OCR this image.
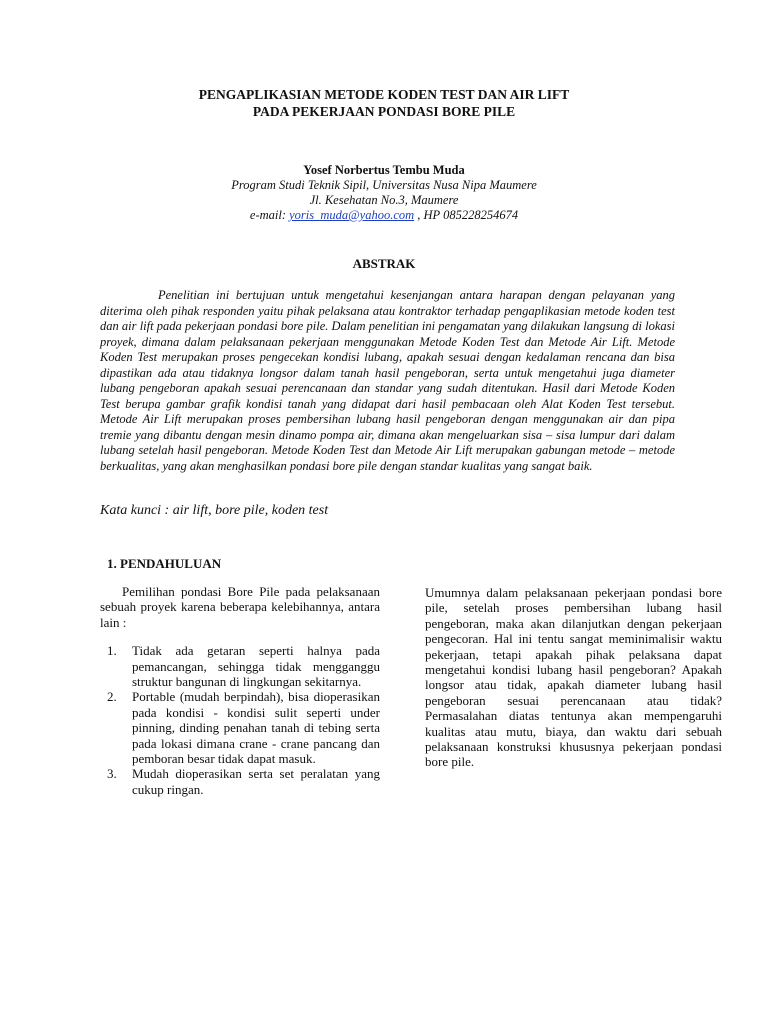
PENGAPLIKASIAN METODE KODEN TEST DAN AIR LIFT
PADA PEKERJAAN PONDASI BORE PILE
Yosef Norbertus Tembu Muda
Program Studi Teknik Sipil, Universitas Nusa Nipa Maumere
Jl. Kesehatan No.3, Maumere
e-mail: yoris_muda@yahoo.com , HP 085228254674
ABSTRAK

Penelitian ini bertujuan untuk mengetahui kesenjangan antara harapan dengan pelayanan yang diterima oleh pihak responden yaitu pihak pelaksana atau kontraktor terhadap pengaplikasian metode koden test dan air lift pada pekerjaan pondasi bore pile. Dalam penelitian ini pengamatan yang dilakukan langsung di lokasi proyek, dimana dalam pelaksanaan pekerjaan menggunakan Metode Koden Test dan Metode Air Lift. Metode Koden Test merupakan proses pengecekan kondisi lubang, apakah sesuai dengan kedalaman rencana dan bisa dipastikan ada atau tidaknya longsor dalam tanah hasil pengeboran, serta untuk mengetahui juga diameter lubang pengeboran apakah sesuai perencanaan dan standar yang sudah ditentukan. Hasil dari Metode Koden Test berupa gambar grafik kondisi tanah yang didapat dari hasil pembacaan oleh Alat Koden Test tersebut. Metode Air Lift merupakan proses pembersihan lubang hasil pengeboran dengan menggunakan air dan pipa tremie yang dibantu dengan mesin dinamo pompa air, dimana akan mengeluarkan sisa – sisa lumpur dari dalam lubang setelah hasil pengeboran. Metode Koden Test dan Metode Air Lift merupakan gabungan metode – metode berkualitas, yang akan menghasilkan pondasi bore pile dengan standar kualitas yang sangat baik.

Kata kunci : air lift, bore pile, koden test
1. PENDAHULUAN

Pemilihan pondasi Bore Pile pada pelaksanaan sebuah proyek karena beberapa kelebihannya, antara lain :

1. Tidak ada getaran seperti halnya pada pemancangan, sehingga tidak mengganggu struktur bangunan di lingkungan sekitarnya.
2. Portable (mudah berpindah), bisa dioperasikan pada kondisi - kondisi sulit seperti under pinning, dinding penahan tanah di tebing serta pada lokasi dimana crane - crane pancang dan pemboran besar tidak dapat masuk.
3. Mudah dioperasikan serta set peralatan yang cukup ringan.

Umumnya dalam pelaksanaan pekerjaan pondasi bore pile, setelah proses pembersihan lubang hasil pengeboran, maka akan dilanjutkan dengan pekerjaan pengecoran. Hal ini tentu sangat meminimalisir waktu pekerjaan, tetapi apakah pihak pelaksana dapat mengetahui kondisi lubang hasil pengeboran? Apakah longsor atau tidak, apakah diameter lubang hasil pengeboran sesuai perencanaan atau tidak? Permasalahan diatas tentunya akan mempengaruhi kualitas atau mutu, biaya, dan waktu dari sebuah pelaksanaan konstruksi khususnya pekerjaan pondasi bore pile.
